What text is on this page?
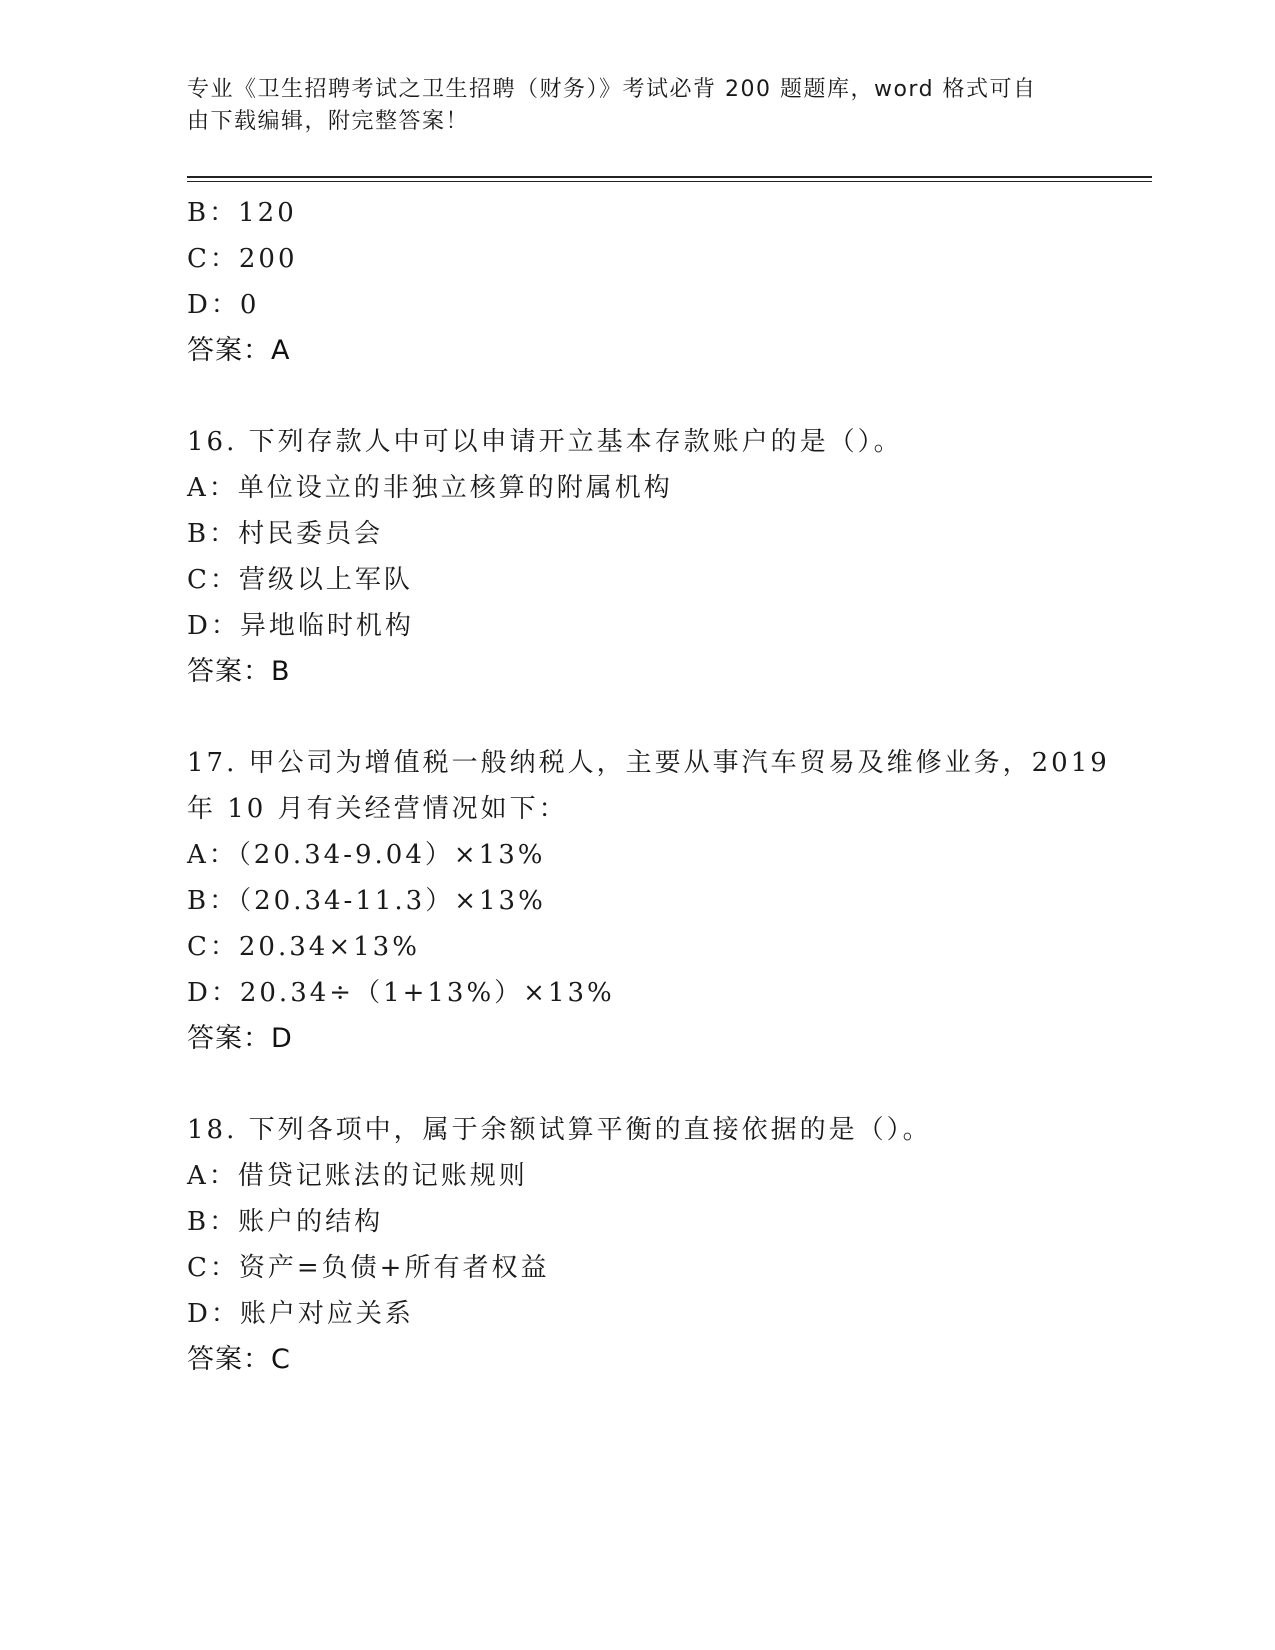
专业《卫生招聘考试之卫生招聘（财务）》考试必背 200 题题库，word 格式可自
由下载编辑，附完整答案！
B：120
C：200
D：0
答案：A
16. 下列存款人中可以申请开立基本存款账户的是（）。
A：单位设立的非独立核算的附属机构
B：村民委员会
C：营级以上军队
D：异地临时机构
答案：B
17. 甲公司为增值税一般纳税人，主要从事汽车贸易及维修业务，2019
年 10 月有关经营情况如下：
A：（20.34-9.04）×13%
B：（20.34-11.3）×13%
C：20.34×13%
D：20.34÷（1+13%）×13%
答案：D
18. 下列各项中，属于余额试算平衡的直接依据的是（）。
A：借贷记账法的记账规则
B：账户的结构
C：资产=负债+所有者权益
D：账户对应关系
答案：C
